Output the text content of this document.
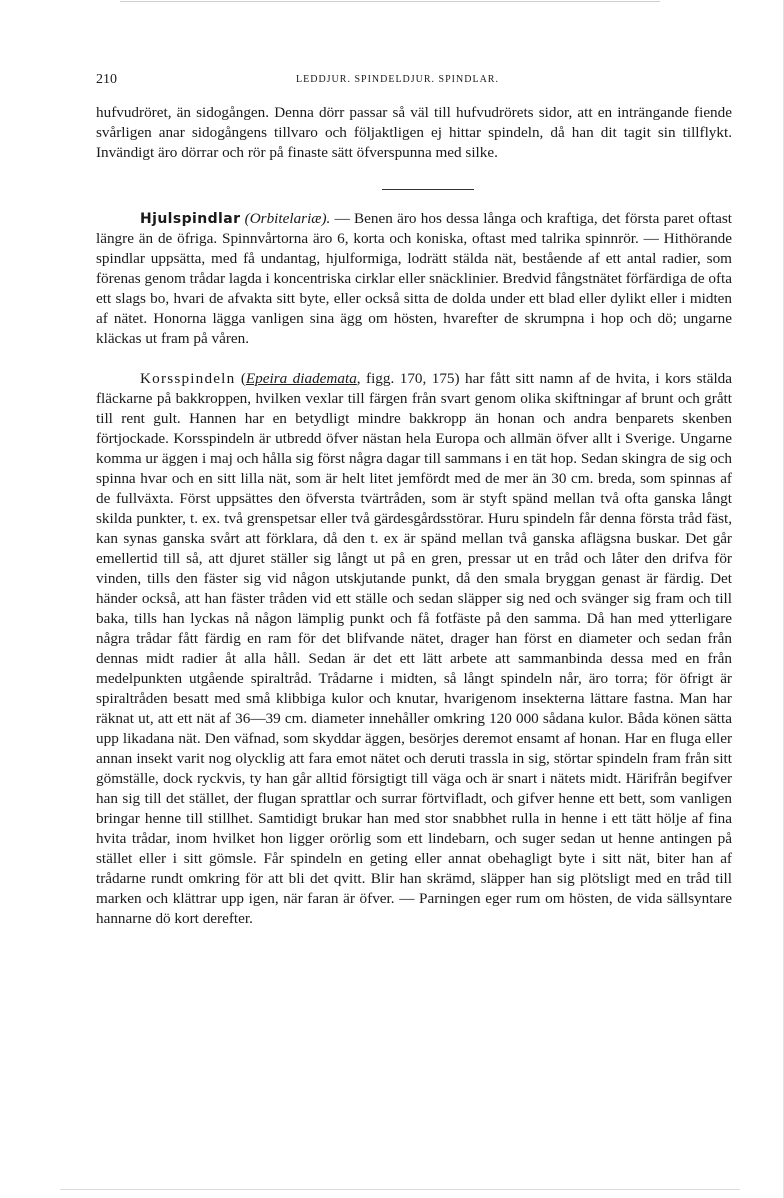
210	LEDDJUR. SPINDELDJUR. SPINDLAR.
hufvudröret, än sidogången. Denna dörr passar så väl till hufvudrörets sidor, att en inträngande fiende svårligen anar sidogångens tillvaro och följaktligen ej hittar spindeln, då han dit tagit sin tillflykt. Invändigt äro dörrar och rör på finaste sätt öfverspunna med silke.
Hjulspindlar (Orbitelariæ). — Benen äro hos dessa långa och kraftiga, det första paret oftast längre än de öfriga. Spinnvårtorna äro 6, korta och koniska, oftast med talrika spinnrör. — Hithörande spindlar uppsätta, med få undantag, hjulformiga, lodrätt stälda nät, bestående af ett antal radier, som förenas genom trådar lagda i koncentriska cirklar eller snäcklinier. Bredvid fångstnätet förfärdiga de ofta ett slags bo, hvari de afvakta sitt byte, eller också sitta de dolda under ett blad eller dylikt eller i midten af nätet. Honorna lägga vanligen sina ägg om hösten, hvarefter de skrumpna i hop och dö; ungarne kläckas ut fram på våren.
Korsspindeln (Epeira diademata, figg. 170, 175) har fått sitt namn af de hvita, i kors stälda fläckarne på bakkroppen, hvilken vexlar till färgen från svart genom olika skiftningar af brunt och grått till rent gult. Hannen har en betydligt mindre bakkropp än honan och andra benparets skenben förtjockade. Korsspindeln är utbredd öfver nästan hela Europa och allmän öfver allt i Sverige. Ungarne komma ur äggen i maj och hålla sig först några dagar till sammans i en tät hop. Sedan skingra de sig och spinna hvar och en sitt lilla nät, som är helt litet jemfördt med de mer än 30 cm. breda, som spinnas af de fullväxta. Först uppsättes den öfversta tvärtråden, som är styft spänd mellan två ofta ganska långt skilda punkter, t. ex. två grenspetsar eller två gärdesgårdsstörar. Huru spindeln får denna första tråd fäst, kan synas ganska svårt att förklara, då den t. ex är spänd mellan två ganska aflägsna buskar. Det går emellertid till så, att djuret ställer sig långt ut på en gren, pressar ut en tråd och låter den drifva för vinden, tills den fäster sig vid någon utskjutande punkt, då den smala bryggan genast är färdig. Det händer också, att han fäster tråden vid ett ställe och sedan släpper sig ned och svänger sig fram och till baka, tills han lyckas nå någon lämplig punkt och få fotfäste på den samma. Då han med ytterligare några trådar fått färdig en ram för det blifvande nätet, drager han först en diameter och sedan från dennas midt radier åt alla håll. Sedan är det ett lätt arbete att sammanbinda dessa med en från medelpunkten utgående spiraltråd. Trådarne i midten, så långt spindeln når, äro torra; för öfrigt är spiraltråden besatt med små klibbiga kulor och knutar, hvarigenom insekterna lättare fastna. Man har räknat ut, att ett nät af 36—39 cm. diameter innehåller omkring 120 000 sådana kulor. Båda könen sätta upp likadana nät. Den väfnad, som skyddar äggen, besörjes deremot ensamt af honan. Har en fluga eller annan insekt varit nog olycklig att fara emot nätet och deruti trassla in sig, störtar spindeln fram från sitt gömställe, dock ryckvis, ty han går alltid försigtigt till väga och är snart i nätets midt. Härifrån begifver han sig till det stället, der flugan sprattlar och surrar förtvifladt, och gifver henne ett bett, som vanligen bringar henne till stillhet. Samtidigt brukar han med stor snabbhet rulla in henne i ett tätt hölje af fina hvita trådar, inom hvilket hon ligger orörlig som ett lindebarn, och suger sedan ut henne antingen på stället eller i sitt gömsle. Får spindeln en geting eller annat obehagligt byte i sitt nät, biter han af trådarne rundt omkring för att bli det qvitt. Blir han skrämd, släpper han sig plötsligt med en tråd till marken och klättrar upp igen, när faran är öfver. — Parningen eger rum om hösten, de vida sällsyntare hannarne dö kort derefter.
